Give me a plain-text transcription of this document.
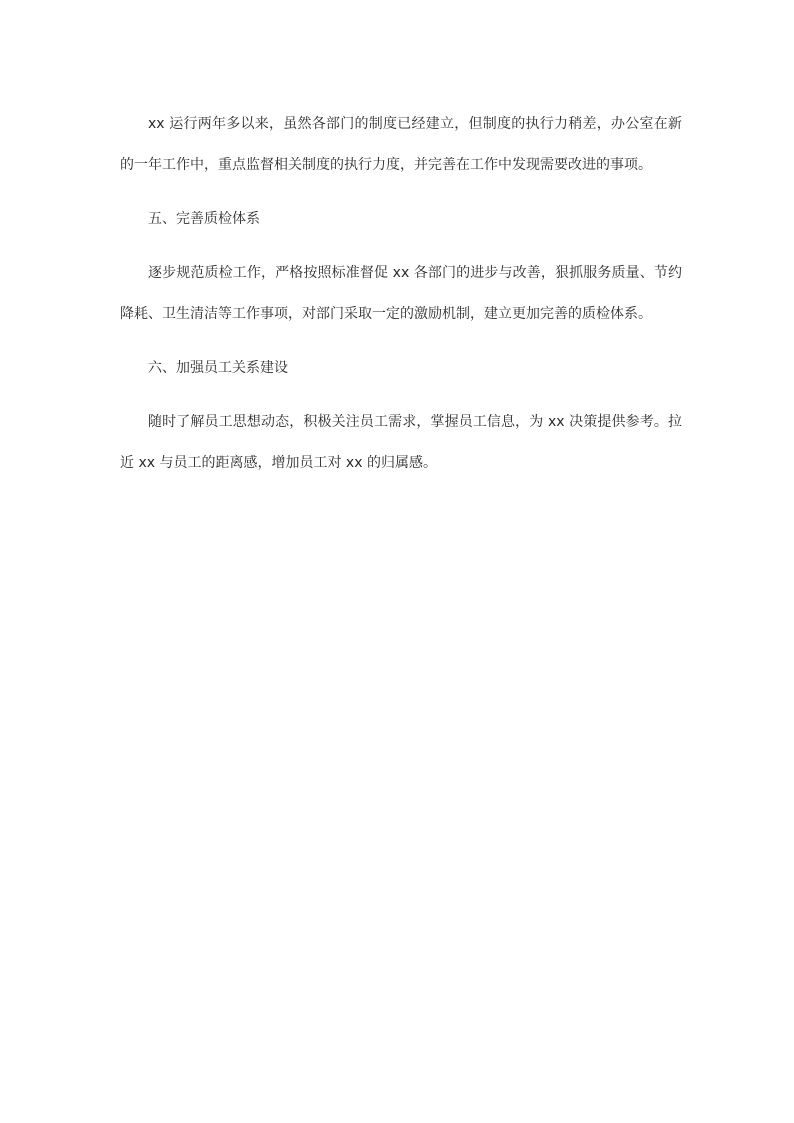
xx 运行两年多以来，虽然各部门的制度已经建立，但制度的执行力稍差，办公室在新的一年工作中，重点监督相关制度的执行力度，并完善在工作中发现需要改进的事项。

五、完善质检体系

逐步规范质检工作，严格按照标准督促 xx 各部门的进步与改善，狠抓服务质量、节约降耗、卫生清洁等工作事项，对部门采取一定的激励机制，建立更加完善的质检体系。

六、加强员工关系建设

随时了解员工思想动态，积极关注员工需求，掌握员工信息，为 xx 决策提供参考。拉近 xx 与员工的距离感，增加员工对 xx 的归属感。
